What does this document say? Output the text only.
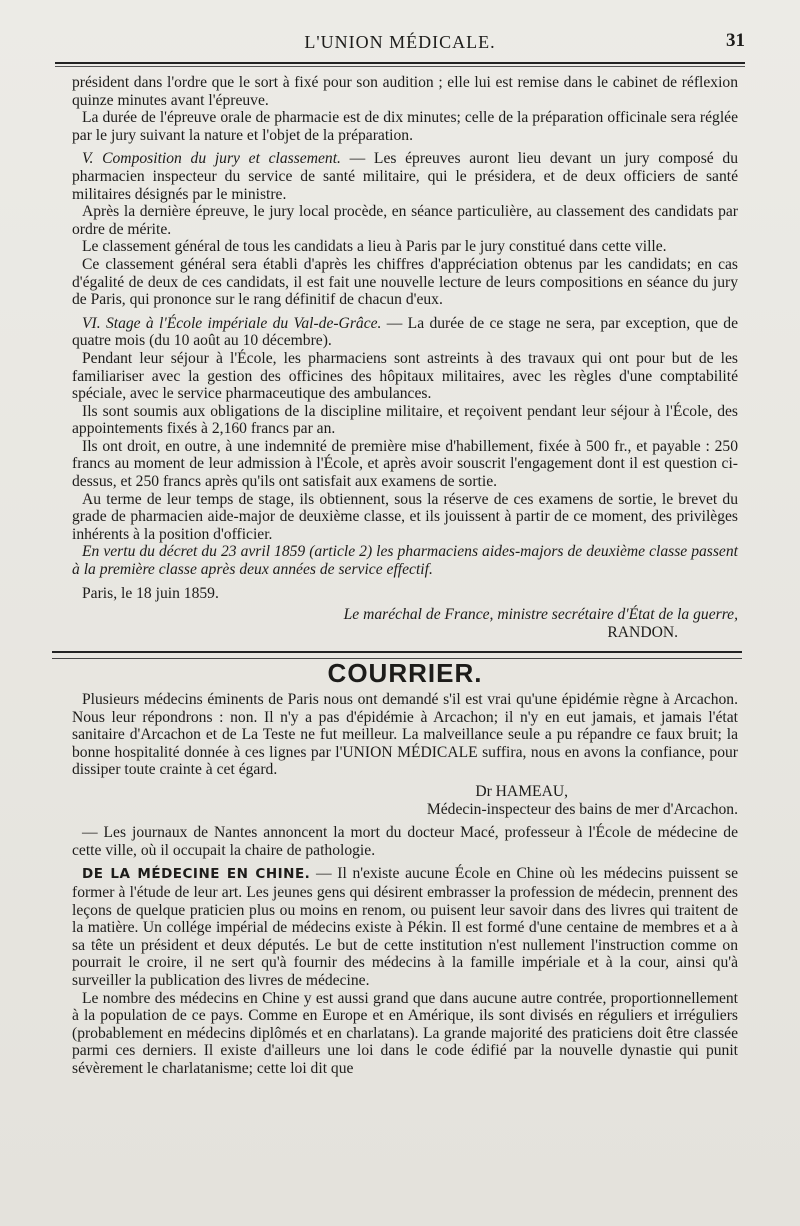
L'UNION MÉDICALE.	31

président dans l'ordre que le sort à fixé pour son audition ; elle lui est remise dans le cabinet de réflexion quinze minutes avant l'épreuve.

La durée de l'épreuve orale de pharmacie est de dix minutes; celle de la préparation officinale sera réglée par le jury suivant la nature et l'objet de la préparation.

V. Composition du jury et classement. — Les épreuves auront lieu devant un jury composé du pharmacien inspecteur du service de santé militaire, qui le présidera, et de deux officiers de santé militaires désignés par le ministre.

Après la dernière épreuve, le jury local procède, en séance particulière, au classement des candidats par ordre de mérite.

Le classement général de tous les candidats a lieu à Paris par le jury constitué dans cette ville.

Ce classement général sera établi d'après les chiffres d'appréciation obtenus par les candidats; en cas d'égalité de deux de ces candidats, il est fait une nouvelle lecture de leurs compositions en séance du jury de Paris, qui prononce sur le rang définitif de chacun d'eux.

VI. Stage à l'École impériale du Val-de-Grâce. — La durée de ce stage ne sera, par exception, que de quatre mois (du 10 août au 10 décembre).

Pendant leur séjour à l'École, les pharmaciens sont astreints à des travaux qui ont pour but de les familiariser avec la gestion des officines des hôpitaux militaires, avec les règles d'une comptabilité spéciale, avec le service pharmaceutique des ambulances.

Ils sont soumis aux obligations de la discipline militaire, et reçoivent pendant leur séjour à l'École, des appointements fixés à 2,160 francs par an.

Ils ont droit, en outre, à une indemnité de première mise d'habillement, fixée à 500 fr., et payable : 250 francs au moment de leur admission à l'École, et après avoir souscrit l'engagement dont il est question ci-dessus, et 250 francs après qu'ils ont satisfait aux examens de sortie.

Au terme de leur temps de stage, ils obtiennent, sous la réserve de ces examens de sortie, le brevet du grade de pharmacien aide-major de deuxième classe, et ils jouissent à partir de ce moment, des privilèges inhérents à la position d'officier.

En vertu du décret du 23 avril 1859 (article 2) les pharmaciens aides-majors de deuxième classe passent à la première classe après deux années de service effectif.

Paris, le 18 juin 1859.

Le maréchal de France, ministre secrétaire d'État de la guerre,

RANDON.

COURRIER.

Plusieurs médecins éminents de Paris nous ont demandé s'il est vrai qu'une épidémie règne à Arcachon. Nous leur répondrons : non. Il n'y a pas d'épidémie à Arcachon; il n'y en eut jamais, et jamais l'état sanitaire d'Arcachon et de La Teste ne fut meilleur. La malveillance seule a pu répandre ce faux bruit; la bonne hospitalité donnée à ces lignes par l'UNION MÉDICALE suffira, nous en avons la confiance, pour dissiper toute crainte à cet égard.

Dr HAMEAU,

Médecin-inspecteur des bains de mer d'Arcachon.

— Les journaux de Nantes annoncent la mort du docteur Macé, professeur à l'École de médecine de cette ville, où il occupait la chaire de pathologie.

DE LA MÉDECINE EN CHINE. — Il n'existe aucune École en Chine où les médecins puissent se former à l'étude de leur art. Les jeunes gens qui désirent embrasser la profession de médecin, prennent des leçons de quelque praticien plus ou moins en renom, ou puisent leur savoir dans des livres qui traitent de la matière. Un collége impérial de médecins existe à Pékin. Il est formé d'une centaine de membres et a à sa tête un président et deux députés. Le but de cette institution n'est nullement l'instruction comme on pourrait le croire, il ne sert qu'à fournir des médecins à la famille impériale et à la cour, ainsi qu'à surveiller la publication des livres de médecine.

Le nombre des médecins en Chine y est aussi grand que dans aucune autre contrée, proportionnellement à la population de ce pays. Comme en Europe et en Amérique, ils sont divisés en réguliers et irréguliers (probablement en médecins diplômés et en charlatans). La grande majorité des praticiens doit être classée parmi ces derniers. Il existe d'ailleurs une loi dans le code édifié par la nouvelle dynastie qui punit sévèrement le charlatanisme; cette loi dit que
